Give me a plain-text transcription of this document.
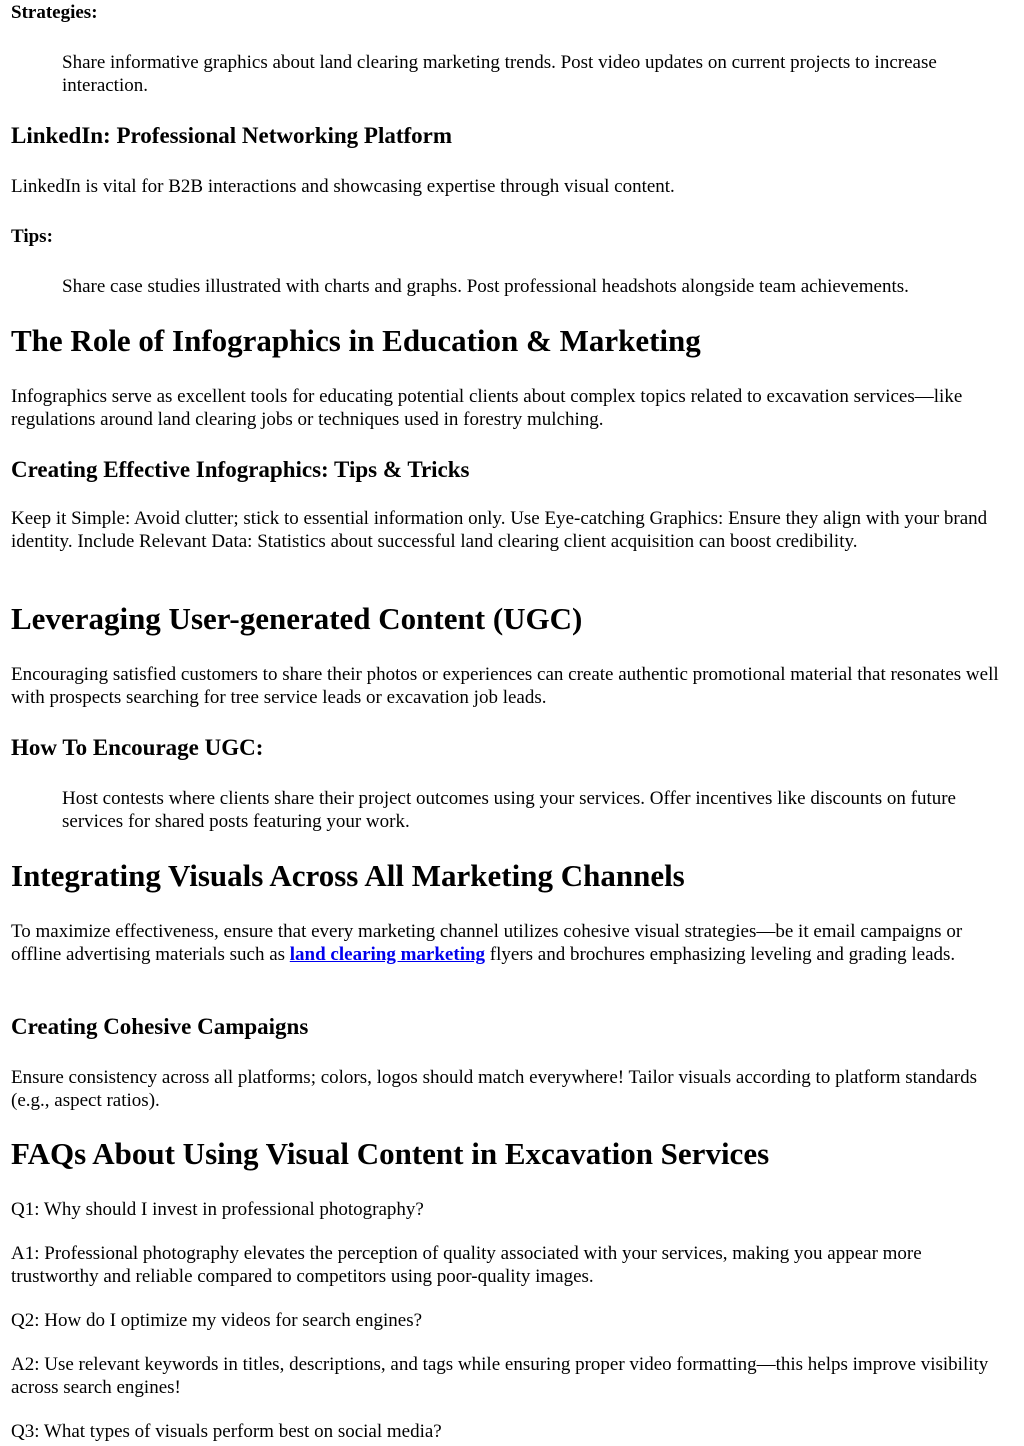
Strategies:

Share informative graphics about land clearing marketing trends. Post video updates on current projects to increase interaction.

LinkedIn: Professional Networking Platform

LinkedIn is vital for B2B interactions and showcasing expertise through visual content.

Tips:

Share case studies illustrated with charts and graphs. Post professional headshots alongside team achievements.

The Role of Infographics in Education & Marketing

Infographics serve as excellent tools for educating potential clients about complex topics related to excavation services—like regulations around land clearing jobs or techniques used in forestry mulching.

Creating Effective Infographics: Tips & Tricks

Keep it Simple: Avoid clutter; stick to essential information only. Use Eye-catching Graphics: Ensure they align with your brand identity. Include Relevant Data: Statistics about successful land clearing client acquisition can boost credibility.

Leveraging User-generated Content (UGC)

Encouraging satisfied customers to share their photos or experiences can create authentic promotional material that resonates well with prospects searching for tree service leads or excavation job leads.

How To Encourage UGC:

Host contests where clients share their project outcomes using your services. Offer incentives like discounts on future services for shared posts featuring your work.

Integrating Visuals Across All Marketing Channels

To maximize effectiveness, ensure that every marketing channel utilizes cohesive visual strategies—be it email campaigns or offline advertising materials such as land clearing marketing flyers and brochures emphasizing leveling and grading leads.

Creating Cohesive Campaigns

Ensure consistency across all platforms; colors, logos should match everywhere! Tailor visuals according to platform standards (e.g., aspect ratios).

FAQs About Using Visual Content in Excavation Services

Q1: Why should I invest in professional photography?

A1: Professional photography elevates the perception of quality associated with your services, making you appear more trustworthy and reliable compared to competitors using poor-quality images.

Q2: How do I optimize my videos for search engines?

A2: Use relevant keywords in titles, descriptions, and tags while ensuring proper video formatting—this helps improve visibility across search engines!

Q3: What types of visuals perform best on social media?
